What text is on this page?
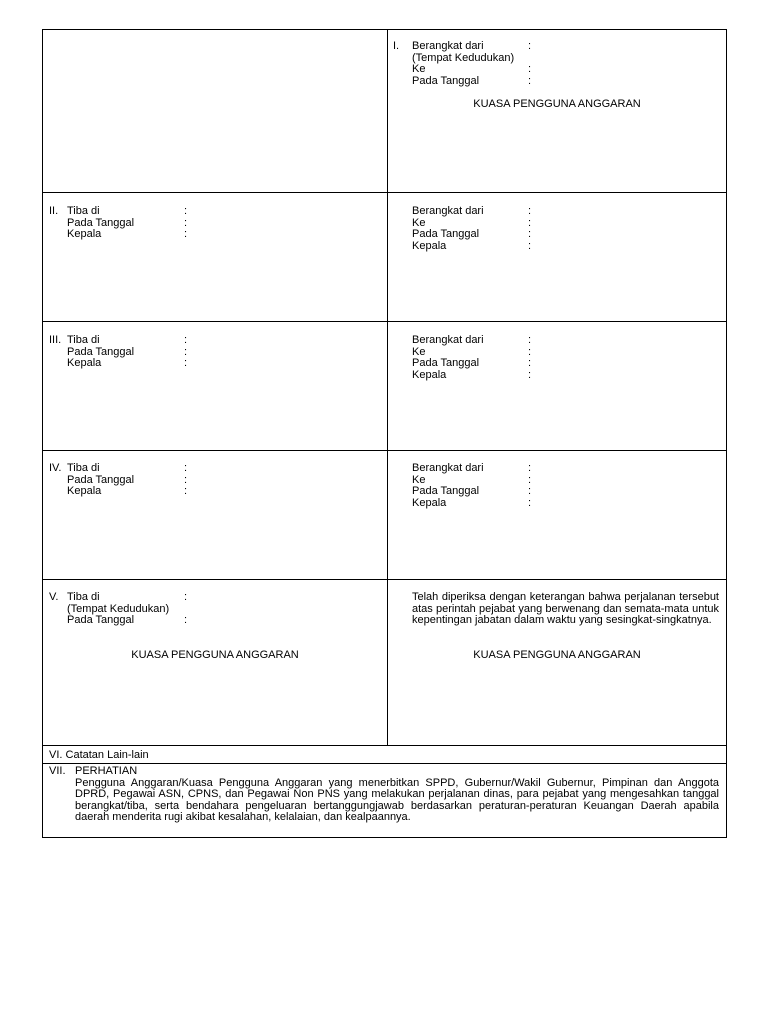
I. Berangkat dari	:
(Tempat Kedudukan)
Ke	:
Pada Tanggal	:
KUASA PENGGUNA ANGGARAN
II. Tiba di	:
Pada Tanggal	:
Kepala	:
Berangkat dari	:
Ke	:
Pada Tanggal	:
Kepala	:
III. Tiba di	:
Pada Tanggal	:
Kepala	:
Berangkat dari	:
Ke	:
Pada Tanggal	:
Kepala	:
IV. Tiba di	:
Pada Tanggal	:
Kepala	:
Berangkat dari	:
Ke	:
Pada Tanggal	:
Kepala	:
V. Tiba di	:
(Tempat Kedudukan)
Pada Tanggal	:
KUASA PENGGUNA ANGGARAN
Telah diperiksa dengan keterangan bahwa perjalanan tersebut atas perintah pejabat yang berwenang dan semata-mata untuk kepentingan jabatan dalam waktu yang sesingkat-singkatnya.
KUASA PENGGUNA ANGGARAN
VI. Catatan Lain-lain
VII. PERHATIAN
Pengguna Anggaran/Kuasa Pengguna Anggaran yang menerbitkan SPPD, Gubernur/Wakil Gubernur, Pimpinan dan Anggota DPRD, Pegawai ASN, CPNS, dan Pegawai Non PNS yang melakukan perjalanan dinas, para pejabat yang mengesahkan tanggal berangkat/tiba, serta bendahara pengeluaran bertanggungjawab berdasarkan peraturan-peraturan Keuangan Daerah apabila daerah menderita rugi akibat kesalahan, kelalaian, dan kealpaannya.
